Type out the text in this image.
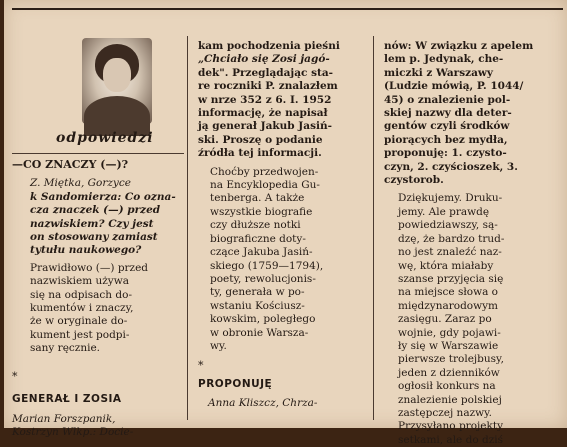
odpowiedzi

—CO ZNACZY (—)?

Z. Miętka, Gorzyce

k Sandomierza: Co ozna-

cza znaczek (—) przed

nazwiskiem? Czy jest

on stosowany zamiast

tytułu naukowego?

Prawidłowo (—) przed

nazwiskiem używa

się na odpisach do-

kumentów i znaczy,

że w oryginale do-

kument jest podpi-

sany ręcznie.

*

GENERAŁ I ZOSIA

Marian Forszpanik,

Kostrzyn Wlkp.: Docie-

kam pochodzenia pieśni

„Chciało się Zosi jagó-

dek". Przeglądając sta-

re roczniki P. znalazłem

w nrze 352 z 6. I. 1952

informację, że napisał

ją generał Jakub Jasiń-

ski. Proszę o podanie

źródła tej informacji.

Choćby przedwojen-

na Encyklopedia Gu-

tenberga. A także

wszystkie biografie

czy dłuższe notki

biograficzne doty-

czące Jakuba Jasiń-

skiego (1759—1794),

poety, rewolucjonis-

ty, generała w po-

wstaniu Kościusz-

kowskim, poległego

w obronie Warsza-

wy.

*

PROPONUJĘ

Anna Kliszcz, Chrza-

nów: W związku z apelem

lem p. Jedynak, che-

miczki z Warszawy

(Ludzie mówią, P. 1044/

45) o znalezienie pol-

skiej nazwy dla deter-

gentów czyli środków

piorących bez mydła,

proponuję: 1. czysto-

czyn, 2. czyścioszek, 3.

czystorob.

Dziękujemy. Druku-

jemy. Ale prawdę

powiedziawszy, są-

dzę, że bardzo trud-

no jest znaleźć naz-

wę, która miałaby

szanse przyjęcia się

na miejsce słowa o

międzynarodowym

zasięgu. Zaraz po

wojnie, gdy pojawi-

ły się w Warszawie

pierwsze trolejbusy,

jeden z dzienników

ogłosił konkurs na

znalezienie polskiej

zastępczej nazwy.

Przysyłano projekty

setkami, ale do dziś
